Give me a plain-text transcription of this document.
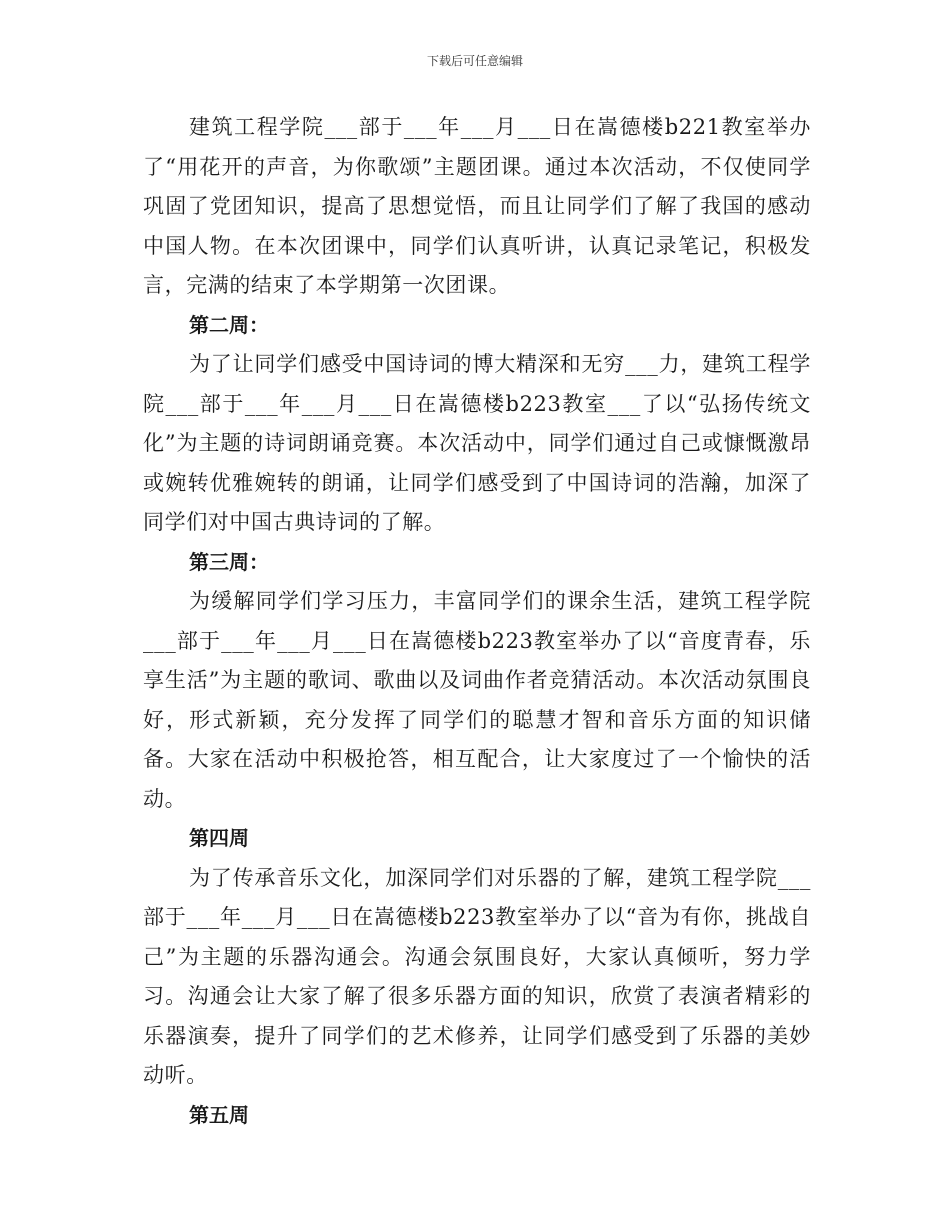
下载后可任意编辑

建筑工程学院___部于___年___月___日在嵩德楼b221教室举办了“用花开的声音，为你歌颂”主题团课。通过本次活动，不仅使同学巩固了党团知识，提高了思想觉悟，而且让同学们了解了我国的感动中国人物。在本次团课中，同学们认真听讲，认真记录笔记，积极发言，完满的结束了本学期第一次团课。

第二周：

为了让同学们感受中国诗词的博大精深和无穷___力，建筑工程学院___部于___年___月___日在嵩德楼b223教室___了以“弘扬传统文化”为主题的诗词朗诵竞赛。本次活动中，同学们通过自己或慷慨激昂或婉转优雅婉转的朗诵，让同学们感受到了中国诗词的浩瀚，加深了同学们对中国古典诗词的了解。

第三周：

为缓解同学们学习压力，丰富同学们的课余生活，建筑工程学院___部于___年___月___日在嵩德楼b223教室举办了以“音度青春，乐享生活”为主题的歌词、歌曲以及词曲作者竞猜活动。本次活动氛围良好，形式新颖，充分发挥了同学们的聪慧才智和音乐方面的知识储备。大家在活动中积极抢答，相互配合，让大家度过了一个愉快的活动。

第四周

为了传承音乐文化，加深同学们对乐器的了解，建筑工程学院___部于___年___月___日在嵩德楼b223教室举办了以“音为有你，挑战自己”为主题的乐器沟通会。沟通会氛围良好，大家认真倾听，努力学习。沟通会让大家了解了很多乐器方面的知识，欣赏了表演者精彩的乐器演奏，提升了同学们的艺术修养，让同学们感受到了乐器的美妙动听。

第五周
